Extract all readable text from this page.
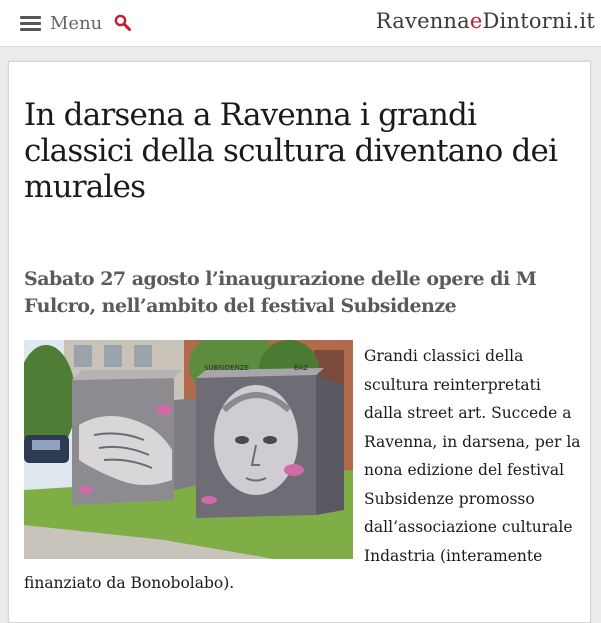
Menu	RavennaeDintorni.it
In darsena a Ravenna i grandi classici della scultura diventano dei murales
Sabato 27 agosto l’inaugurazione delle opere di M Fulcro, nell’ambito del festival Subsidenze
SUBSIDENZE	EAZ

Grandi classici della
scultura reinterpretati
dalla street art. Succede a
Ravenna, in darsena, per la
nona edizione del festival
Subsidenze promosso
dall’associazione culturale
Indastria (interamente

finanziato da Bonobolabo).
